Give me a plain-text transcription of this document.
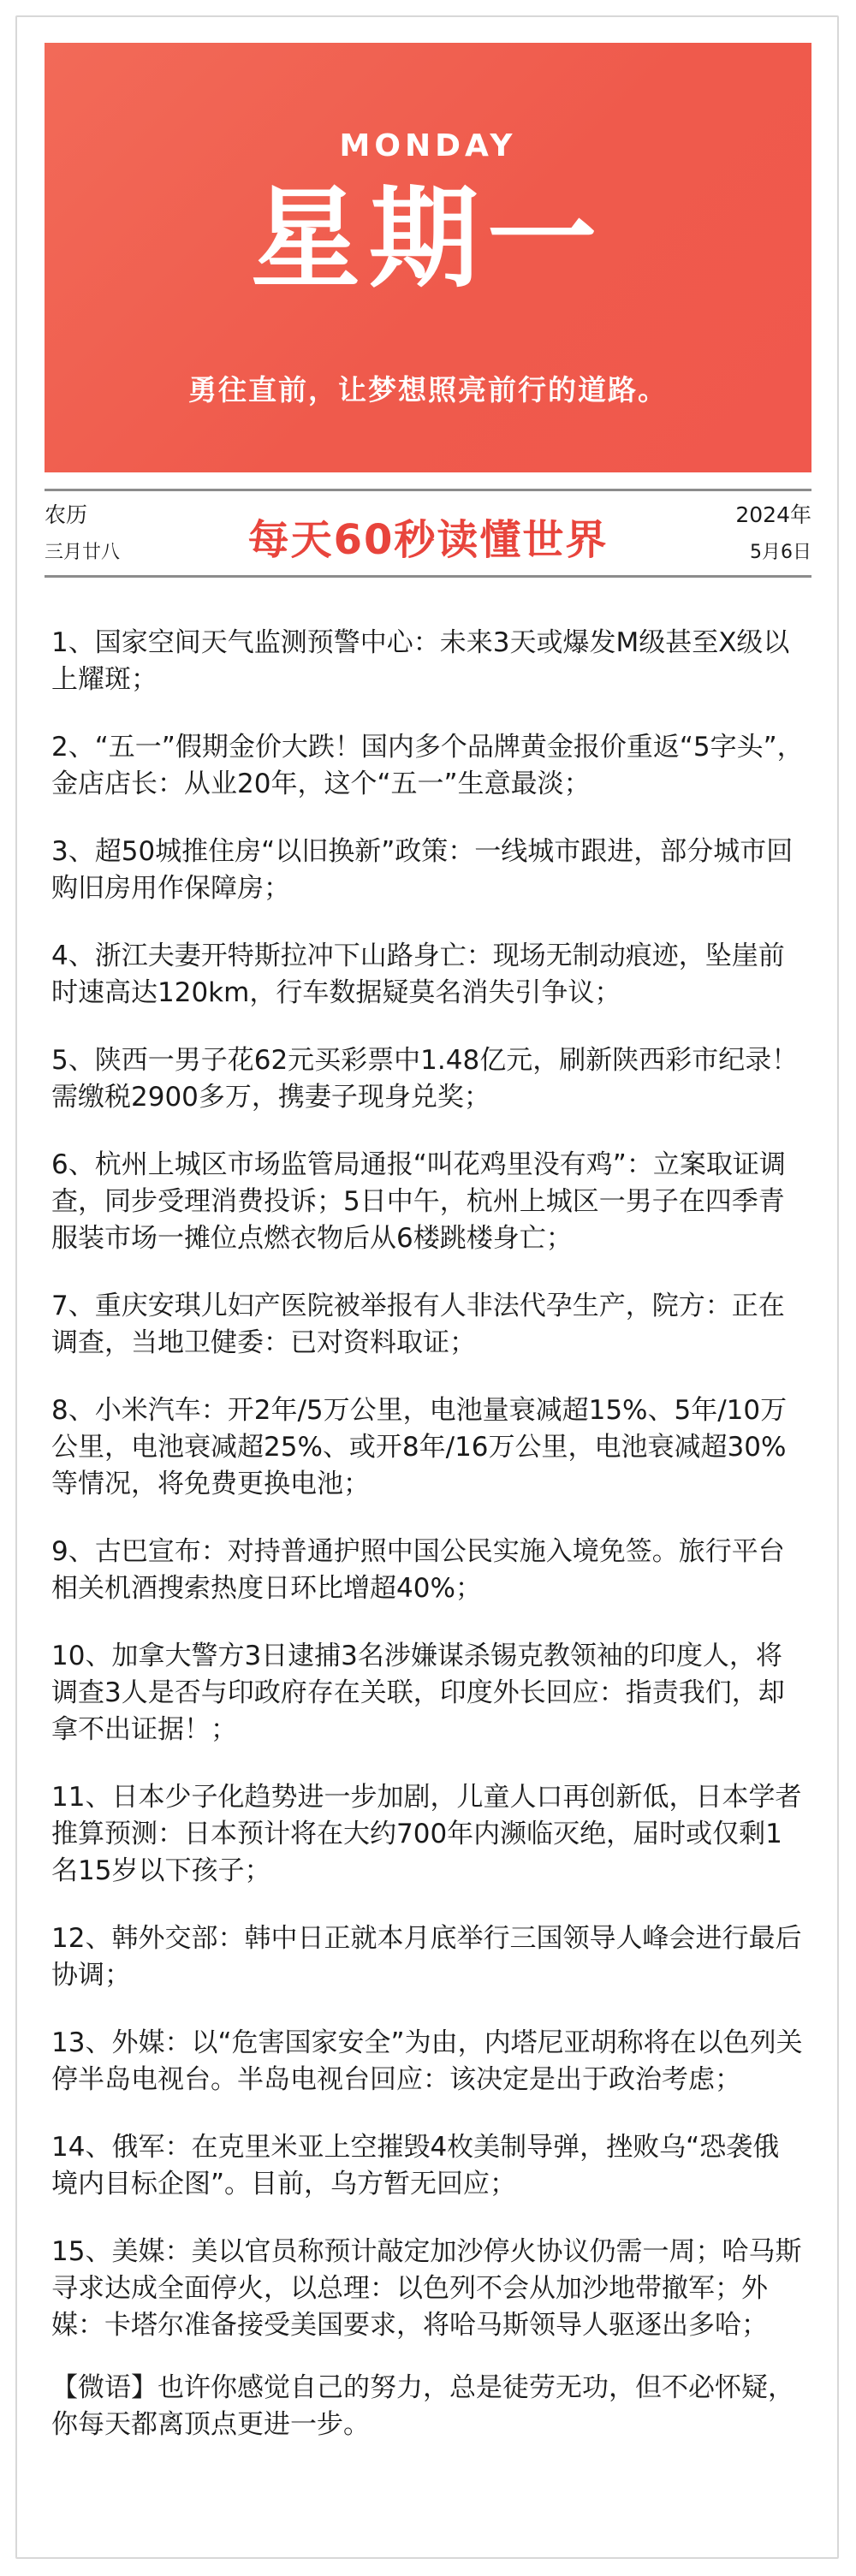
MONDAY
星期一
勇往直前，让梦想照亮前行的道路。
农历
三月廿八	每天60秒读懂世界
2024年
5月6日
1、国家空间天气监测预警中心：未来3天或爆发M级甚至X级以上耀斑；
2、“五一”假期金价大跌！国内多个品牌黄金报价重返“5字头”，金店店长：从业20年，这个“五一”生意最淡；
3、超50城推住房“以旧换新”政策：一线城市跟进，部分城市回购旧房用作保障房；
4、浙江夫妻开特斯拉冲下山路身亡：现场无制动痕迹，坠崖前时速高达120km，行车数据疑莫名消失引争议；
5、陕西一男子花62元买彩票中1.48亿元，刷新陕西彩市纪录！需缴税2900多万，携妻子现身兑奖；
6、杭州上城区市场监管局通报“叫花鸡里没有鸡”：立案取证调查，同步受理消费投诉；5日中午，杭州上城区一男子在四季青服装市场一摊位点燃衣物后从6楼跳楼身亡；
7、重庆安琪儿妇产医院被举报有人非法代孕生产，院方：正在调查，当地卫健委：已对资料取证；
8、小米汽车：开2年/5万公里，电池量衰减超15%、5年/10万公里，电池衰减超25%、或开8年/16万公里，电池衰减超30%等情况，将免费更换电池；
9、古巴宣布：对持普通护照中国公民实施入境免签。旅行平台相关机酒搜索热度日环比增超40%；
10、加拿大警方3日逮捕3名涉嫌谋杀锡克教领袖的印度人，将调查3人是否与印政府存在关联，印度外长回应：指责我们，却拿不出证据！；
11、日本少子化趋势进一步加剧，儿童人口再创新低，日本学者推算预测：日本预计将在大约700年内濒临灭绝，届时或仅剩1名15岁以下孩子；
12、韩外交部：韩中日正就本月底举行三国领导人峰会进行最后协调；
13、外媒：以“危害国家安全”为由，内塔尼亚胡称将在以色列关停半岛电视台。半岛电视台回应：该决定是出于政治考虑；
14、俄军：在克里米亚上空摧毁4枚美制导弹，挫败乌“恐袭俄境内目标企图”。目前，乌方暂无回应；
15、美媒：美以官员称预计敲定加沙停火协议仍需一周；哈马斯寻求达成全面停火，以总理：以色列不会从加沙地带撤军；外媒：卡塔尔准备接受美国要求，将哈马斯领导人驱逐出多哈；
【微语】也许你感觉自己的努力，总是徒劳无功，但不必怀疑，你每天都离顶点更进一步。
